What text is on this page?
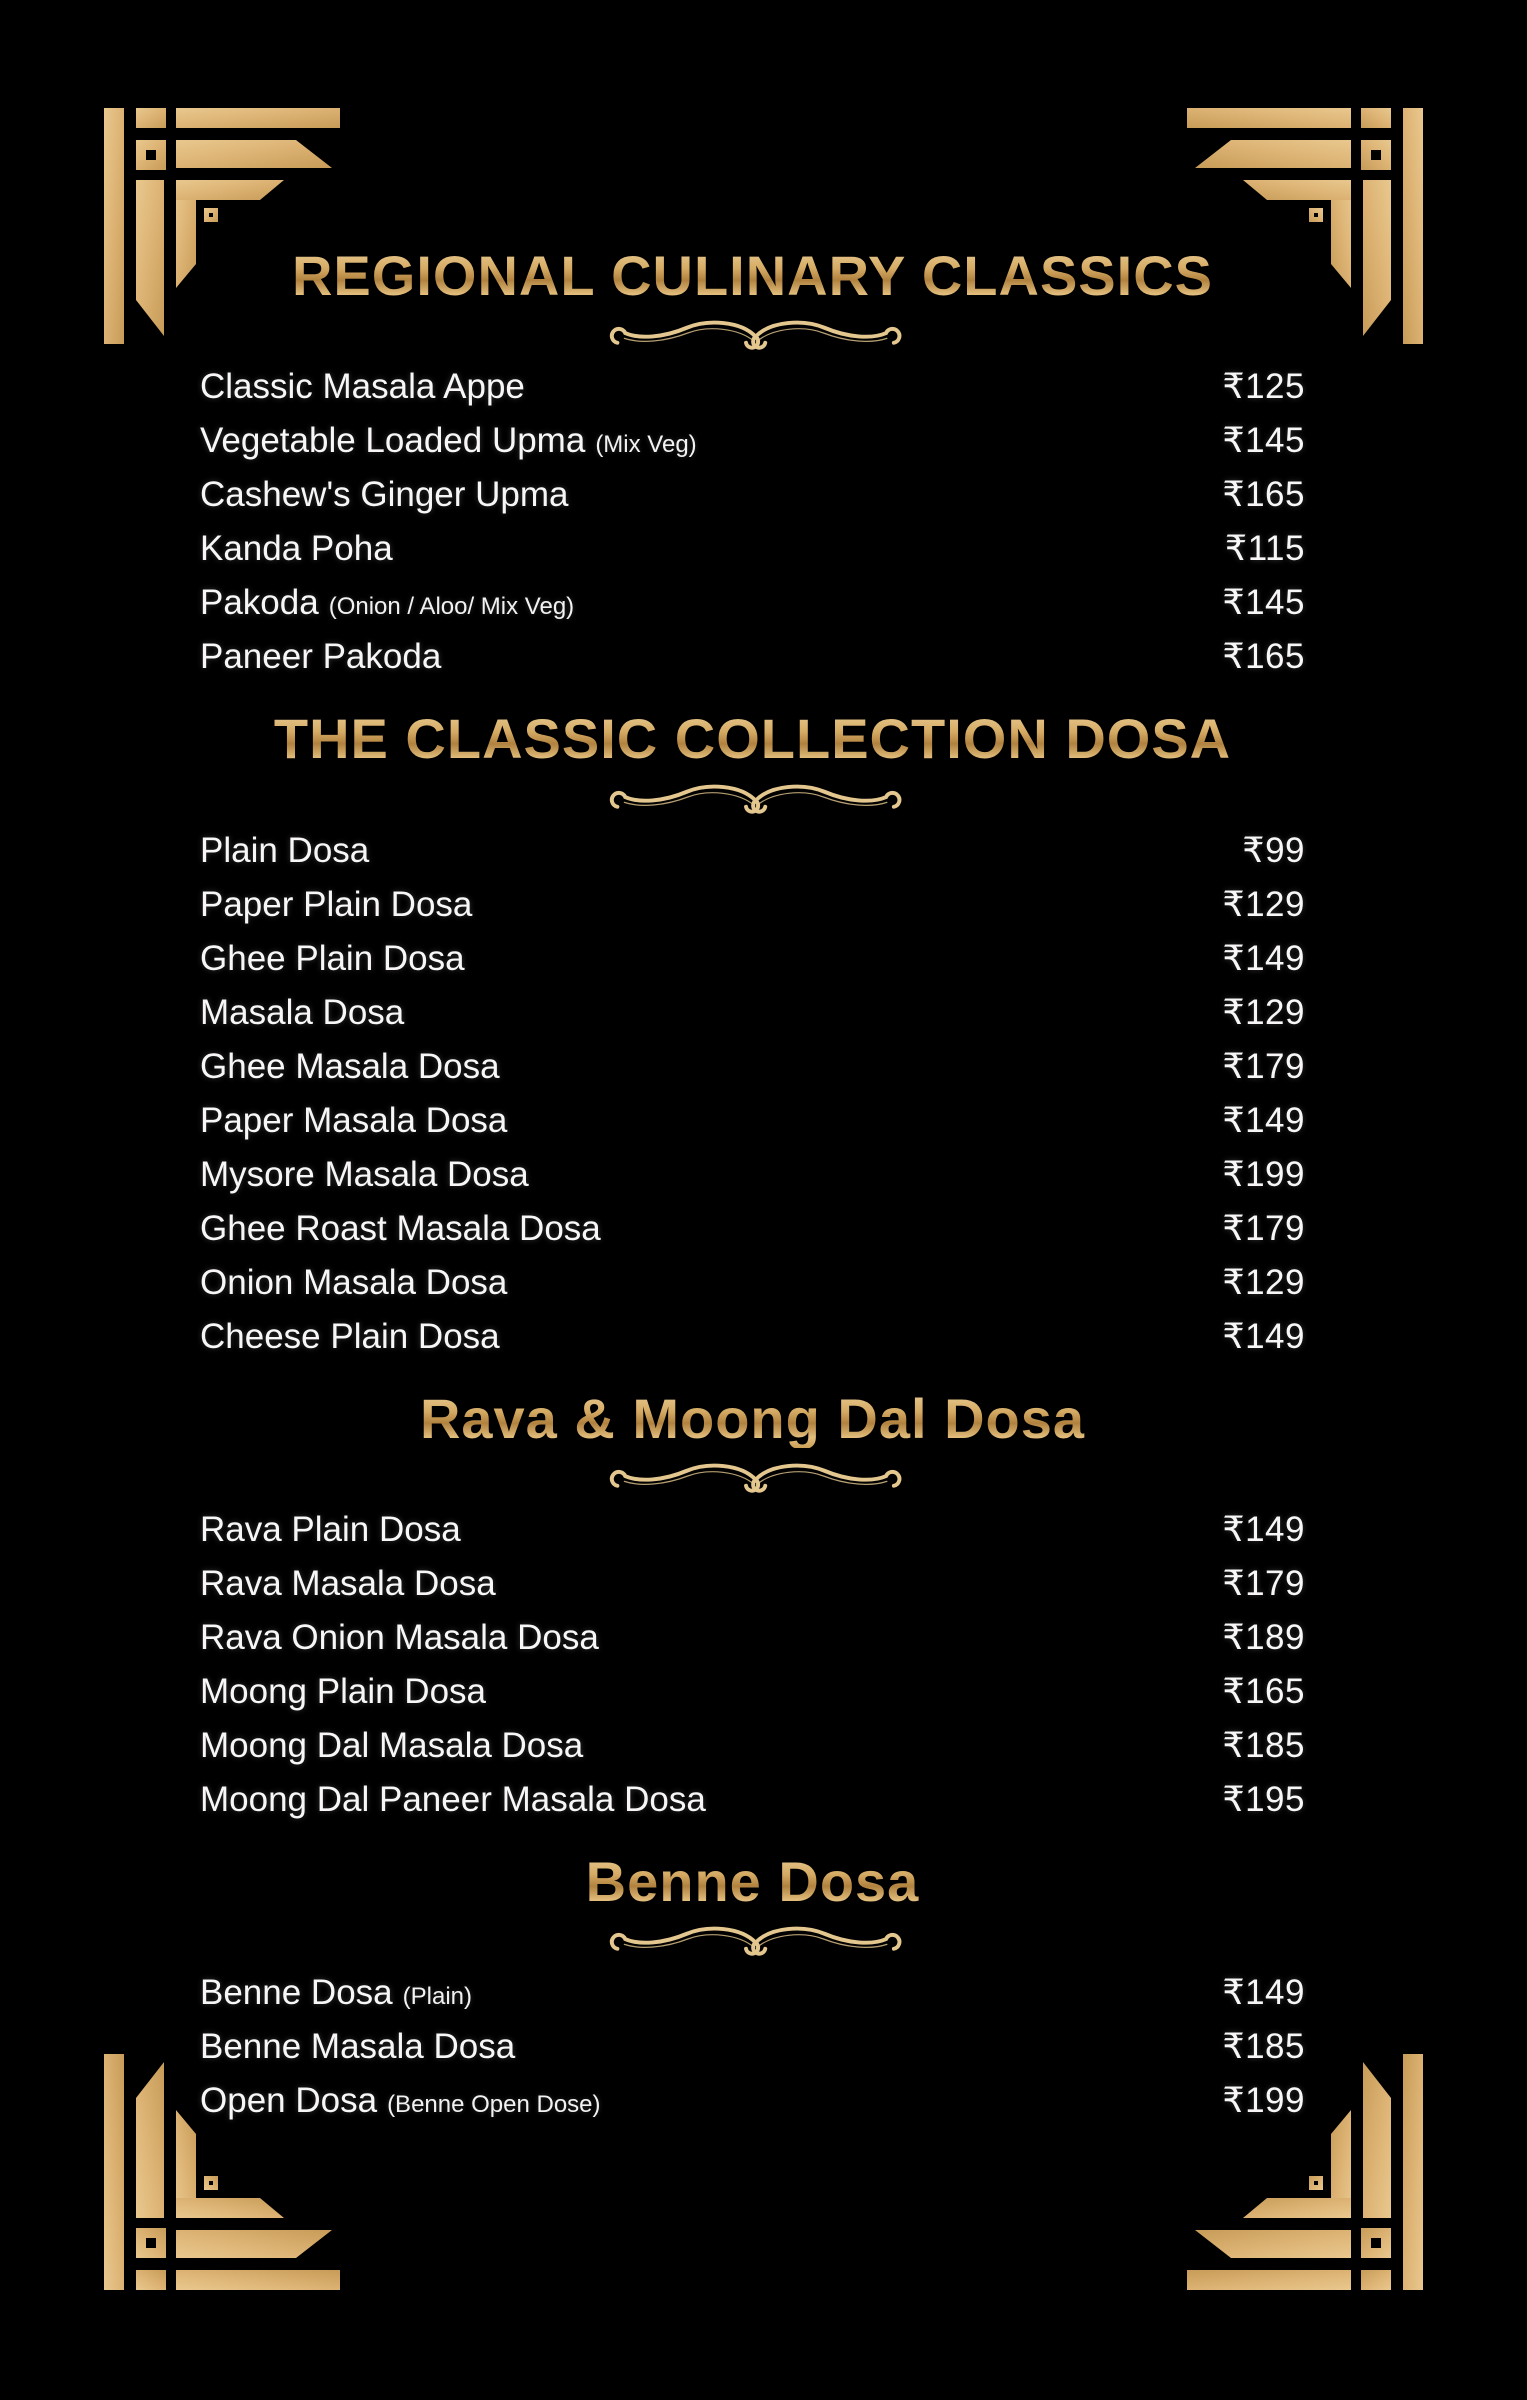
REGIONAL CULINARY CLASSICS
Classic Masala Appe	₹125
Vegetable Loaded Upma (Mix Veg)	₹145
Cashew's Ginger Upma	₹165
Kanda Poha	₹115
Pakoda (Onion / Aloo/ Mix Veg)	₹145
Paneer Pakoda	₹165
THE CLASSIC COLLECTION DOSA
Plain Dosa	₹99
Paper Plain Dosa	₹129
Ghee Plain Dosa	₹149
Masala Dosa	₹129
Ghee Masala Dosa	₹179
Paper Masala Dosa	₹149
Mysore Masala Dosa	₹199
Ghee Roast Masala Dosa	₹179
Onion Masala Dosa	₹129
Cheese Plain Dosa	₹149
Rava & Moong Dal Dosa
Rava Plain Dosa	₹149
Rava Masala Dosa	₹179
Rava Onion Masala Dosa	₹189
Moong Plain Dosa	₹165
Moong Dal Masala Dosa	₹185
Moong Dal Paneer Masala Dosa	₹195
Benne Dosa
Benne Dosa (Plain)	₹149
Benne Masala Dosa	₹185
Open Dosa (Benne Open Dose)	₹199
